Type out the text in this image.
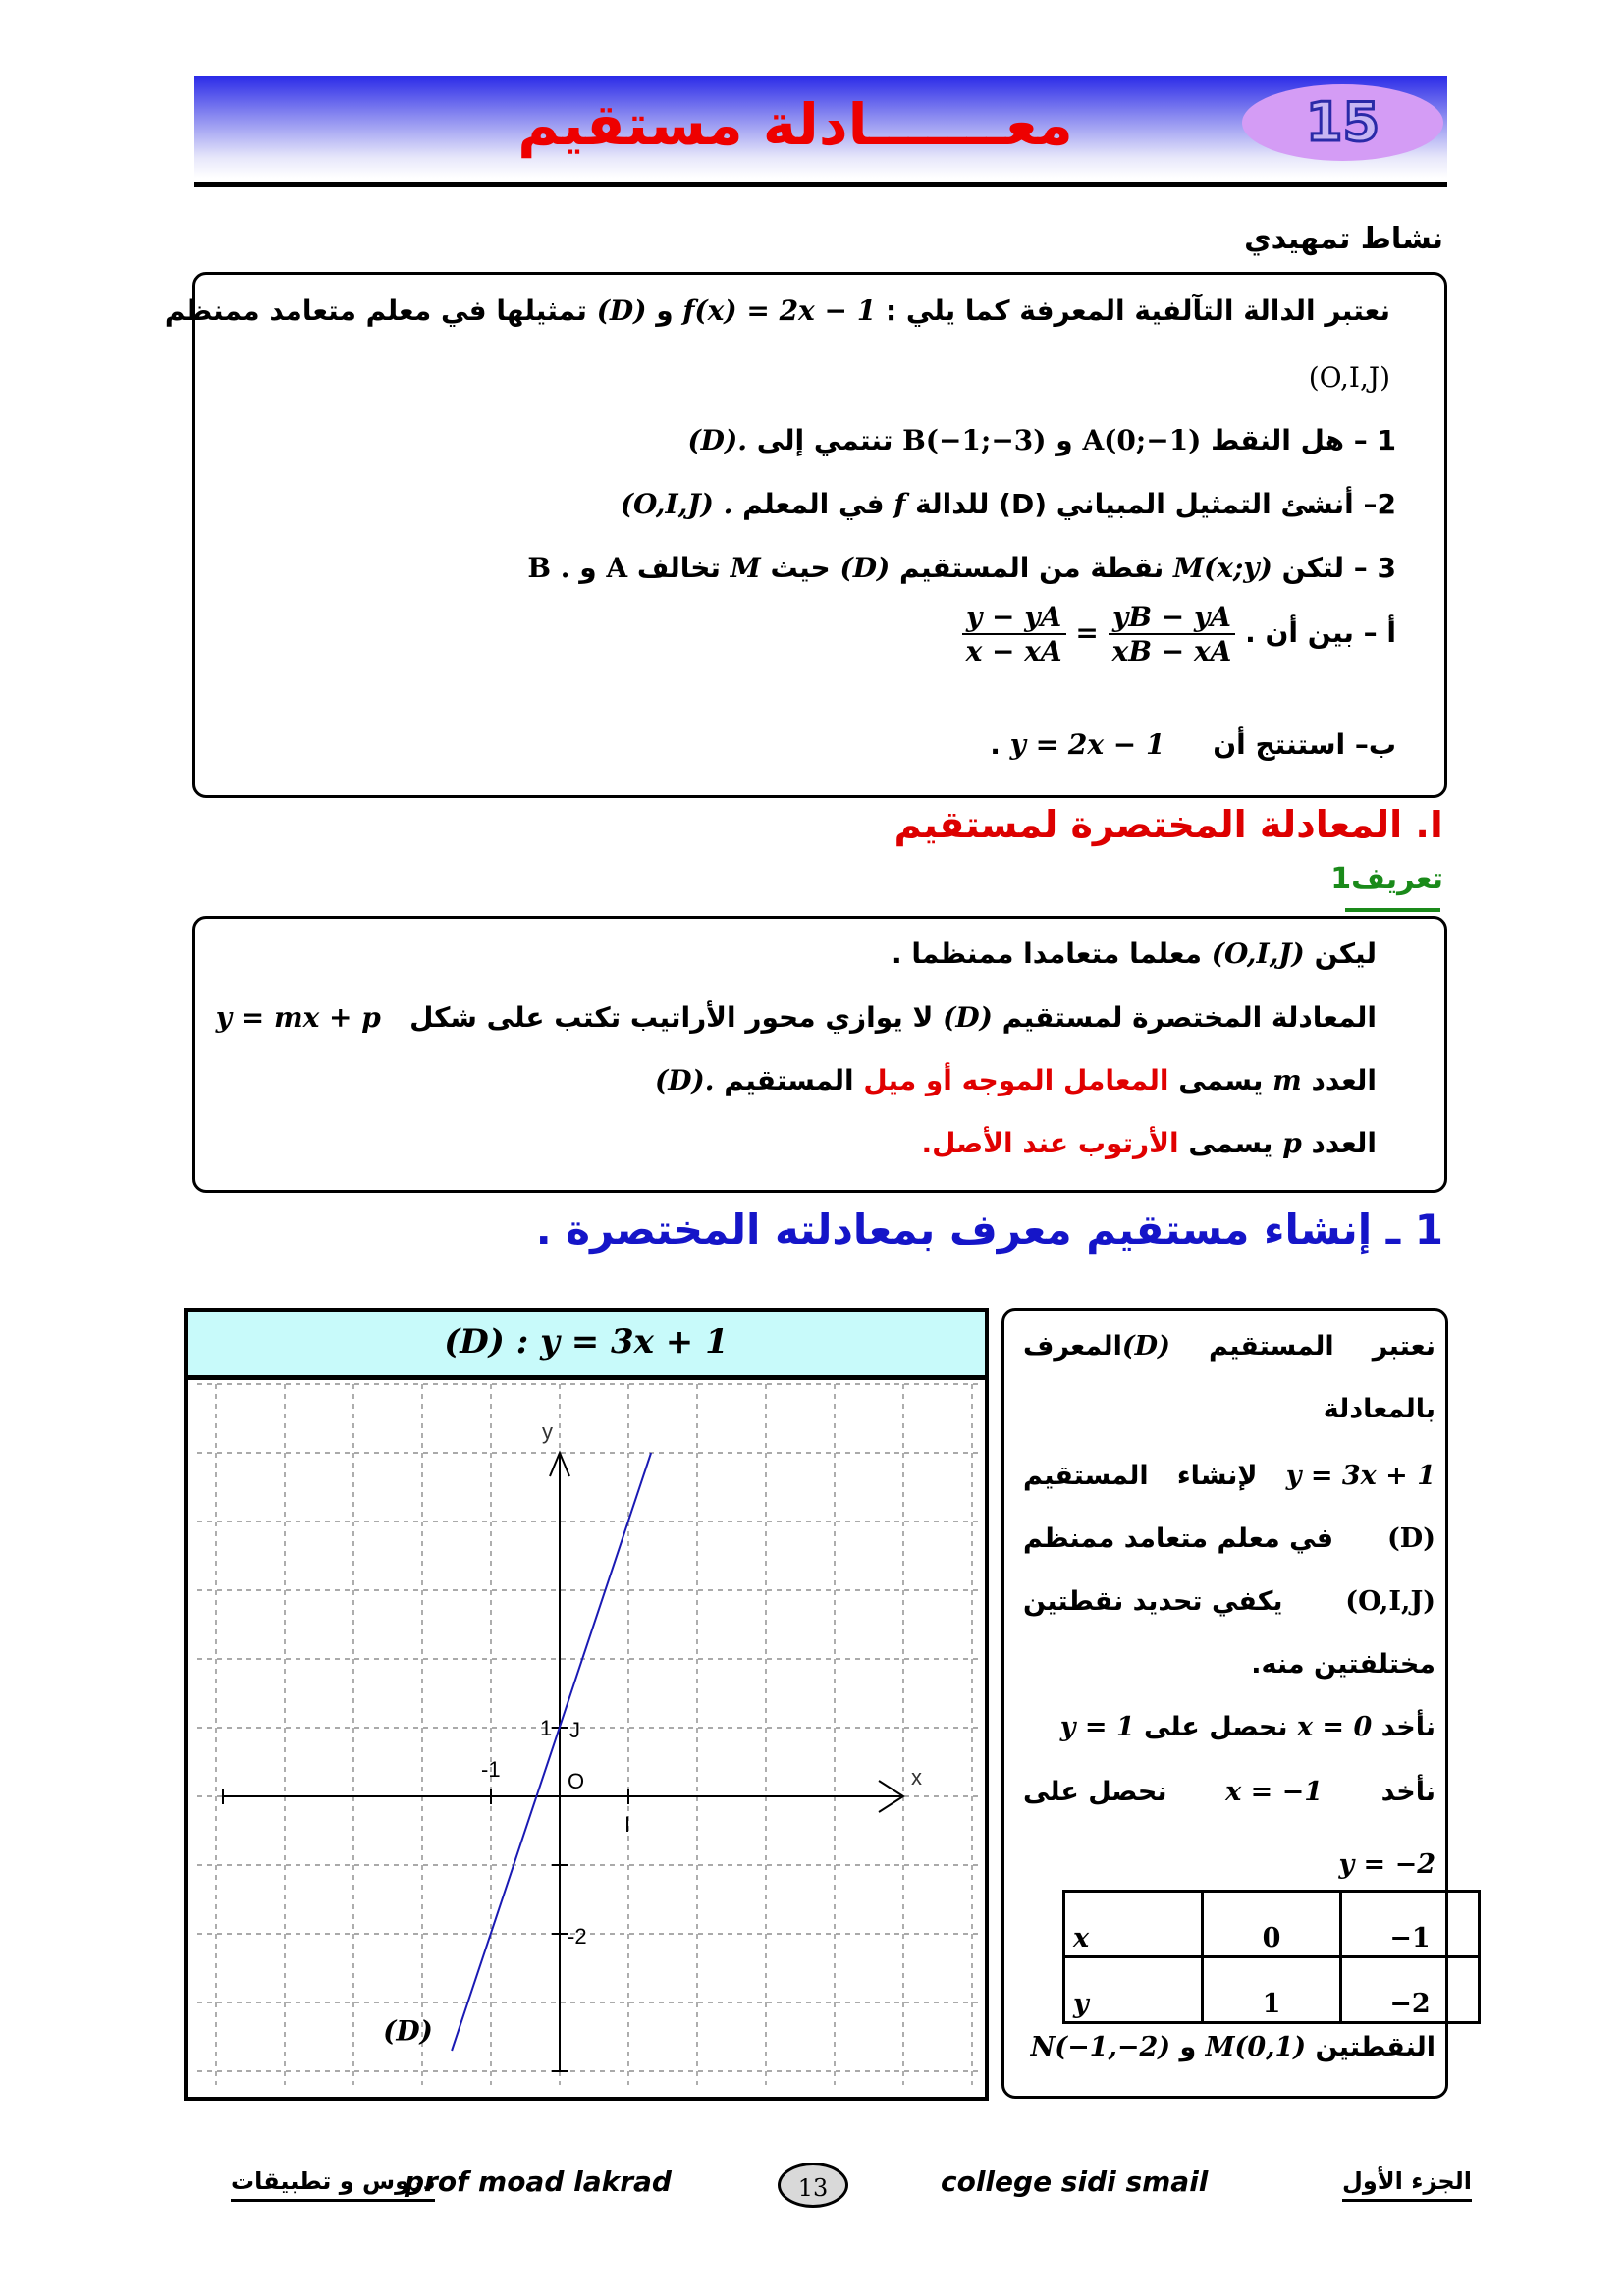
معـــــــادلة مستقيم	15
نشاط تمهيدي
نعتبر الدالة التآلفية المعرفة كما يلي : f(x) = 2x − 1 و (D) تمثيلها في معلم متعامد ممنظم
(O,I,J)
1 – هل النقط A(0;−1) و B(−1;−3) تنتمي إلى (D).
2– أنشئ التمثيل المبياني (D) للدالة f في المعلم (O,I,J) .
3 – لتكن M(x;y) نقطة من المستقيم (D) حيث M تخالف A و B .
أ – بين أن
$\frac{y - yA}{x - xA} = \frac{yB - yA}{xB - xA}$ .
ب– استنتج أن     y = 2x − 1 .
I. المعادلة المختصرة لمستقيم
تعريف1
ليكن (O,I,J) معلما متعامدا ممنظما .
المعادلة المختصرة لمستقيم (D) لا يوازي محور الأراتيب تكتب على شكل   y = mx + p
العدد m يسمى المعامل الموجه أو ميل المستقيم (D).
العدد p يسمى الأرتوب عند الأصل.
1 ـ إنشاء مستقيم معرف بمعادلته المختصرة .
(D) : y = 3x + 1
y
x
1 J
-1	O
I
-2
(D)
نعتبر
المستقيم
(D)المعرف
بالمعادلة
y = 3x + 1
لإنشاء
المستقيم
(D)
في معلم متعامد ممنظم
(O,I,J)
يكفي تحديد نقطتين
مختلفتين منه.
نأخد x = 0 نحصل على y = 1
نأخد
x = −1
نحصل على
y = −2
x	0	−1
y	1	−2
النقطتين M(0,1) و N(−1,−2)
دروس و تطبيقات
prof moad lakrad	13	college sidi smail	الجزء الأول
